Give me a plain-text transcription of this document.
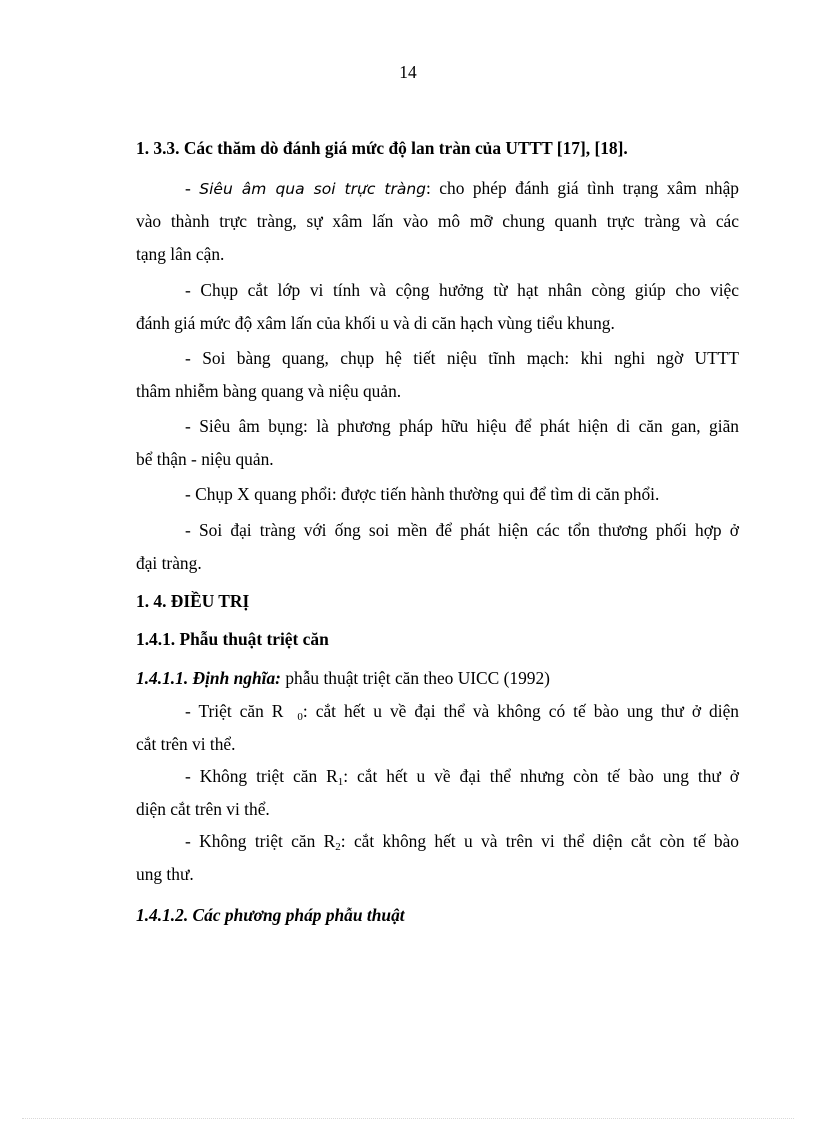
14
1. 3.3. Các thăm dò đánh giá mức độ lan tràn của UTTT [17], [18].
- Siêu âm qua soi trực tràng: cho phép đánh giá tình trạng xâm nhập
vào thành trực tràng, sự xâm lấn vào mô mỡ chung quanh trực tràng và các
tạng lân cận.
- Chụp cắt lớp vi tính và cộng hưởng từ hạt nhân còng giúp cho việc
đánh giá mức độ xâm lấn của khối u và di căn hạch vùng tiểu khung.
- Soi bàng quang, chụp hệ tiết niệu tĩnh mạch: khi nghi ngờ UTTT
thâm nhiễm bàng quang và niệu quản.
- Siêu âm bụng: là phương pháp hữu hiệu để phát hiện di căn gan, giãn
bể thận - niệu quản.
- Chụp X quang phổi: được tiến hành thường qui để tìm di căn phổi.
- Soi đại tràng với ống soi mền để phát hiện các tổn thương phối hợp ở
đại tràng.
1. 4. ĐIỀU TRỊ
1.4.1. Phẫu thuật triệt căn
1.4.1.1. Định nghĩa: phẫu thuật triệt căn theo UICC (1992)
- Triệt căn R $_0$: cắt hết u về đại thể và không có tế bào ung thư ở diện
cắt trên vi thể.
- Không triệt căn $R_1$: cắt hết u về đại thể nhưng còn tế bào ung thư ở
diện cắt trên vi thể.
- Không triệt căn $R_2$: cắt không hết u và trên vi thể diện cắt còn tế bào
ung thư.
1.4.1.2. Các phương pháp phẫu thuật
